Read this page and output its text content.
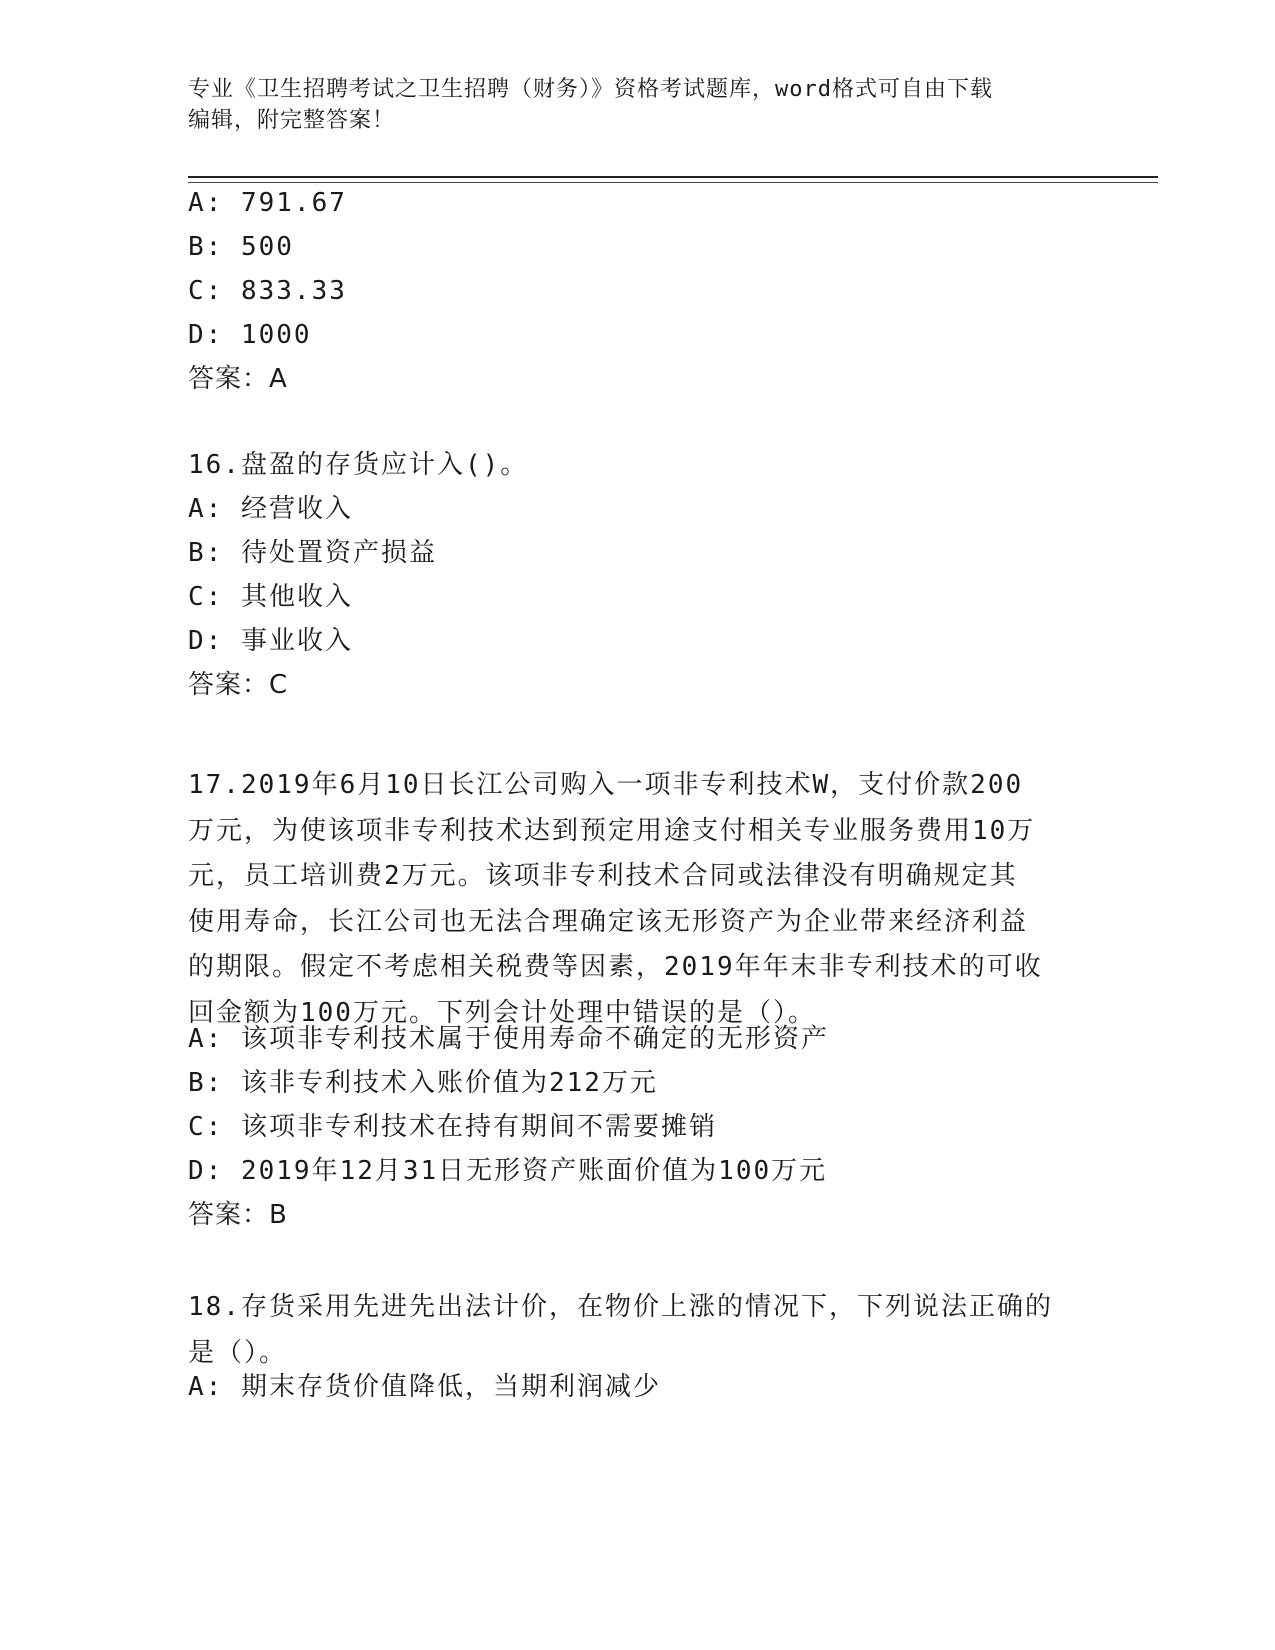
专业《卫生招聘考试之卫生招聘（财务）》资格考试题库，word格式可自由下载
编辑，附完整答案！
A: 791.67
B: 500
C: 833.33
D: 1000
答案：A
16.盘盈的存货应计入()。
A: 经营收入
B: 待处置资产损益
C: 其他收入
D: 事业收入
答案：C
17.2019年6月10日长江公司购入一项非专利技术W，支付价款200
万元，为使该项非专利技术达到预定用途支付相关专业服务费用10万
元，员工培训费2万元。该项非专利技术合同或法律没有明确规定其
使用寿命，长江公司也无法合理确定该无形资产为企业带来经济利益
的期限。假定不考虑相关税费等因素，2019年年末非专利技术的可收
回金额为100万元。下列会计处理中错误的是（）。
A: 该项非专利技术属于使用寿命不确定的无形资产
B: 该非专利技术入账价值为212万元
C: 该项非专利技术在持有期间不需要摊销
D: 2019年12月31日无形资产账面价值为100万元
答案：B
18.存货采用先进先出法计价，在物价上涨的情况下，下列说法正确的
是（）。
A: 期末存货价值降低，当期利润减少
